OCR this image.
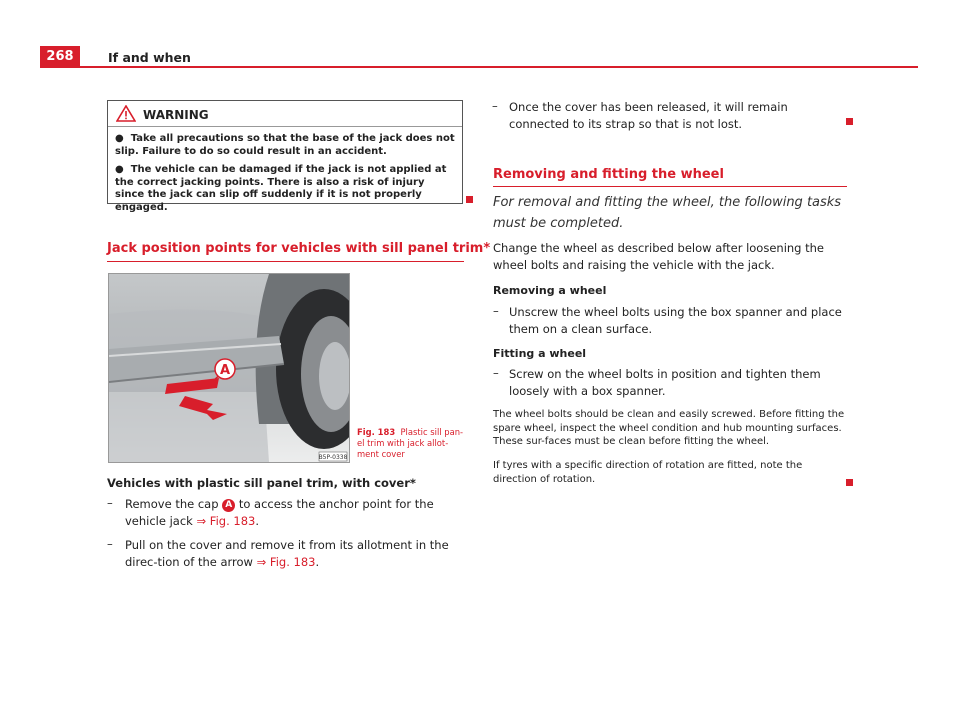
268	If and when
WARNING
●  Take all precautions so that the base of the jack does not slip. Failure to do so could result in an accident.
●  The vehicle can be damaged if the jack is not applied at the correct jacking points. There is also a risk of injury since the jack can slip off suddenly if it is not properly engaged.
Jack position points for vehicles with sill panel trim*
A
B5P-0338
Fig. 183 Plastic sill pan-el trim with jack allot-ment cover
Vehicles with plastic sill panel trim, with cover*
– Remove the cap A to access the anchor point for the vehicle jack ⇒ Fig. 183.
– Pull on the cover and remove it from its allotment in the direc-tion of the arrow ⇒ Fig. 183.
– Once the cover has been released, it will remain connected to its strap so that is not lost.
Removing and fitting the wheel
For removal and fitting the wheel, the following tasks must be completed.
Change the wheel as described below after loosening the wheel bolts and raising the vehicle with the jack.
Removing a wheel
– Unscrew the wheel bolts using the box spanner and place them on a clean surface.
Fitting a wheel
– Screw on the wheel bolts in position and tighten them loosely with a box spanner.
The wheel bolts should be clean and easily screwed. Before fitting the spare wheel, inspect the wheel condition and hub mounting surfaces. These sur-faces must be clean before fitting the wheel.
If tyres with a specific direction of rotation are fitted, note the direction of rotation.
